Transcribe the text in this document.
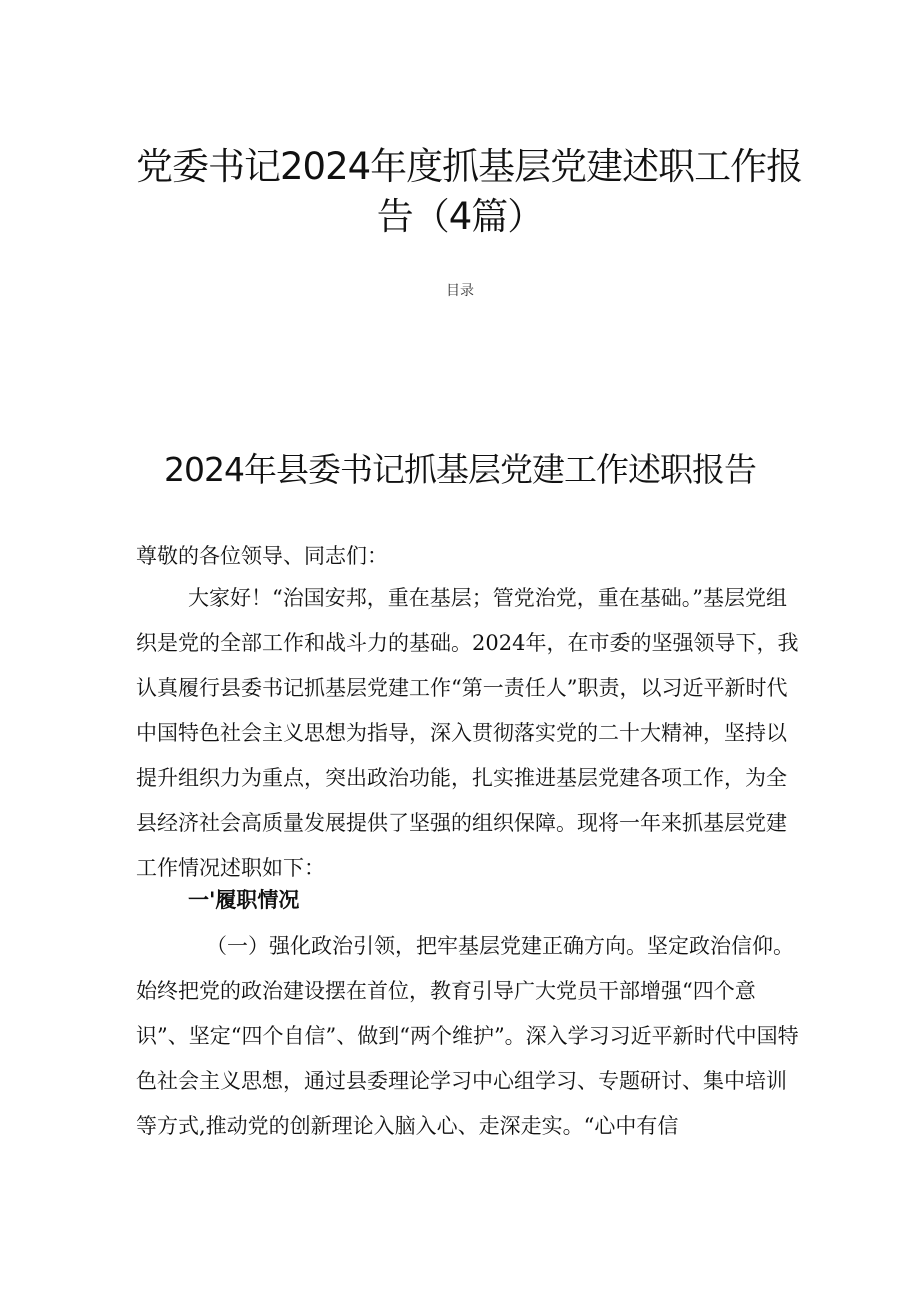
党委书记2024年度抓基层党建述职工作报
告（4篇）
目录
2024年县委书记抓基层党建工作述职报告
尊敬的各位领导、同志们：

大家好！“治国安邦，重在基层；管党治党，重在基础。”基层党组织是党的全部工作和战斗力的基础。2024年，在市委的坚强领导下，我认真履行县委书记抓基层党建工作“第一责任人”职责，以习近平新时代中国特色社会主义思想为指导，深入贯彻落实党的二十大精神，坚持以提升组织力为重点，突出政治功能，扎实推进基层党建各项工作，为全县经济社会高质量发展提供了坚强的组织保障。现将一年来抓基层党建工作情况述职如下：

一'履职情况

（一）强化政治引领，把牢基层党建正确方向。坚定政治信仰。始终把党的政治建设摆在首位，教育引导广大党员干部增强“四个意识”、坚定“四个自信”、做到“两个维护”。深入学习习近平新时代中国特色社会主义思想，通过县委理论学习中心组学习、专题研讨、集中培训等方式,推动党的创新理论入脑入心、走深走实。“心中有信
